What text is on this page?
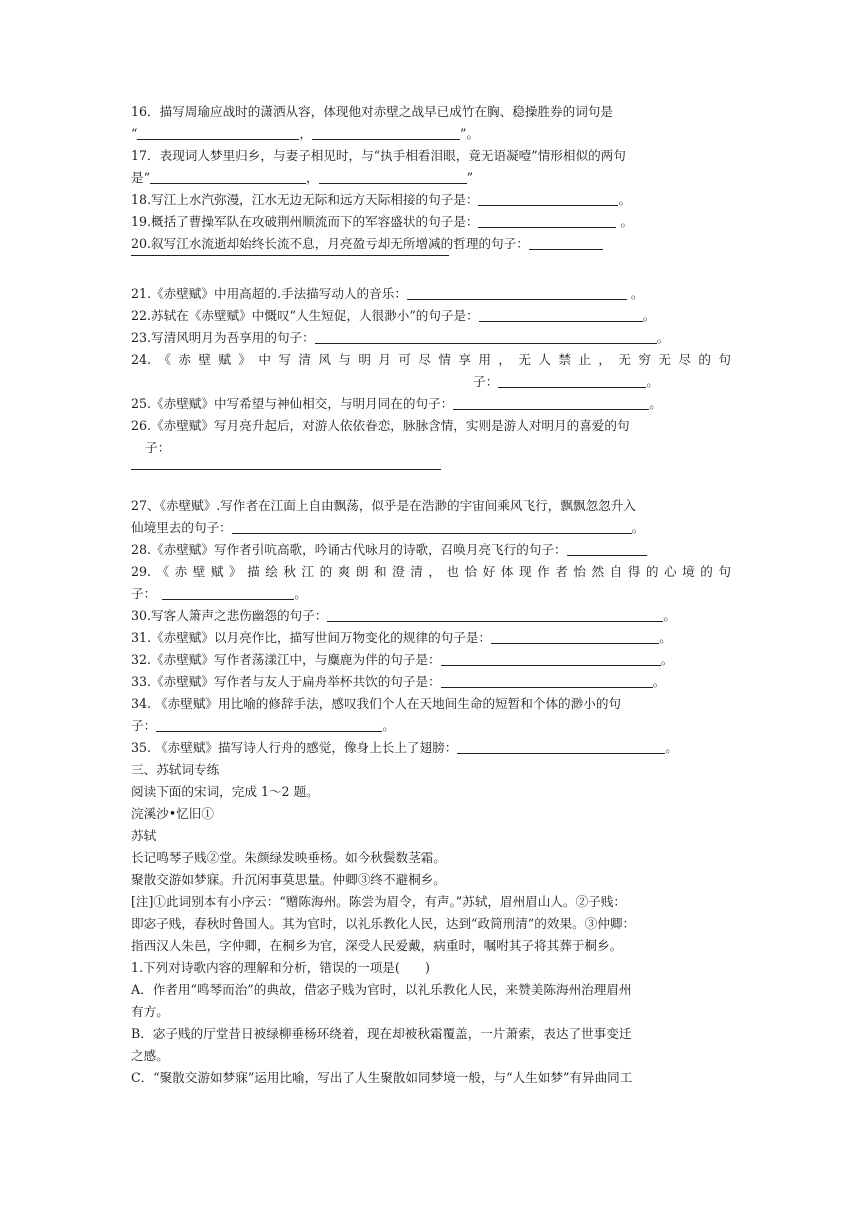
16．描写周瑜应战时的潇洒从容，体现他对赤壁之战早已成竹在胸、稳操胜券的词句是
“	，	”。
17．表现词人梦里归乡，与妻子相见时，与“执手相看泪眼，竟无语凝噎”情形相似的两句
是“	，	”
18.写江上水汽弥漫，江水无边无际和远方天际相接的句子是：	。
19.概括了曹操军队在攻破荆州顺流而下的军容盛状的句子是：	。
20.叙写江水流逝却始终长流不息，月亮盈亏却无所增减的哲理的句子：
21.《赤壁赋》中用高超的.手法描写动人的音乐：	。
22.苏轼在《赤壁赋》中慨叹“人生短促，人很渺小”的句子是：	。
23.写清风明月为吾享用的句子：	。
24.《赤壁赋》中写清风与明月可尽情享用，无人禁止，无穷无尽的句
子：	。
25.《赤壁赋》中写希望与神仙相交，与明月同在的句子：	。
26.《赤壁赋》写月亮升起后，对游人依依眷恋，脉脉含情，实则是游人对明月的喜爱的句
子：
27、《赤壁赋》.写作者在江面上自由飘荡，似乎是在浩渺的宇宙间乘风飞行，飘飘忽忽升入
仙境里去的句子：	。
28.《赤壁赋》写作者引吭高歌，吟诵古代咏月的诗歌，召唤月亮飞行的句子：
29.《赤壁赋》描绘秋江的爽朗和澄清，也恰好体现作者怡然自得的心境的句
子：	。
30.写客人箫声之悲伤幽怨的句子：	。
31.《赤壁赋》以月亮作比，描写世间万物变化的规律的句子是：	。
32.《赤壁赋》写作者荡漾江中，与麋鹿为伴的句子是：	。
33.《赤壁赋》写作者与友人于扁舟举杯共饮的句子是：	。
34. 《赤壁赋》用比喻的修辞手法，感叹我们个人在天地间生命的短暂和个体的渺小的句
子：	。
35. 《赤壁赋》描写诗人行舟的感觉，像身上长上了翅膀：	。
三、苏轼词专练
阅读下面的宋词，完成 1～2 题。
浣溪沙•忆旧①
苏轼
长记鸣琴子贱②堂。朱颜绿发映垂杨。如今秋鬓数茎霜。
聚散交游如梦寐。升沉闲事莫思量。仲卿③终不避桐乡。
[注]①此词别本有小序云：“赠陈海州。陈尝为眉令，有声。”苏轼，眉州眉山人。②子贱：
即宓子贱，春秋时鲁国人。其为官时，以礼乐教化人民，达到“政简刑清”的效果。③仲卿：
指西汉人朱邑，字仲卿，在桐乡为官，深受人民爱戴，病重时，嘱咐其子将其葬于桐乡。
1.下列对诗歌内容的理解和分析，错误的一项是(　　)
A．作者用“鸣琴而治”的典故，借宓子贱为官时，以礼乐教化人民，来赞美陈海州治理眉州
有方。
B．宓子贱的厅堂昔日被绿柳垂杨环绕着，现在却被秋霜覆盖，一片萧索，表达了世事变迁
之感。
C．“聚散交游如梦寐”运用比喻，写出了人生聚散如同梦境一般，与“人生如梦”有异曲同工
